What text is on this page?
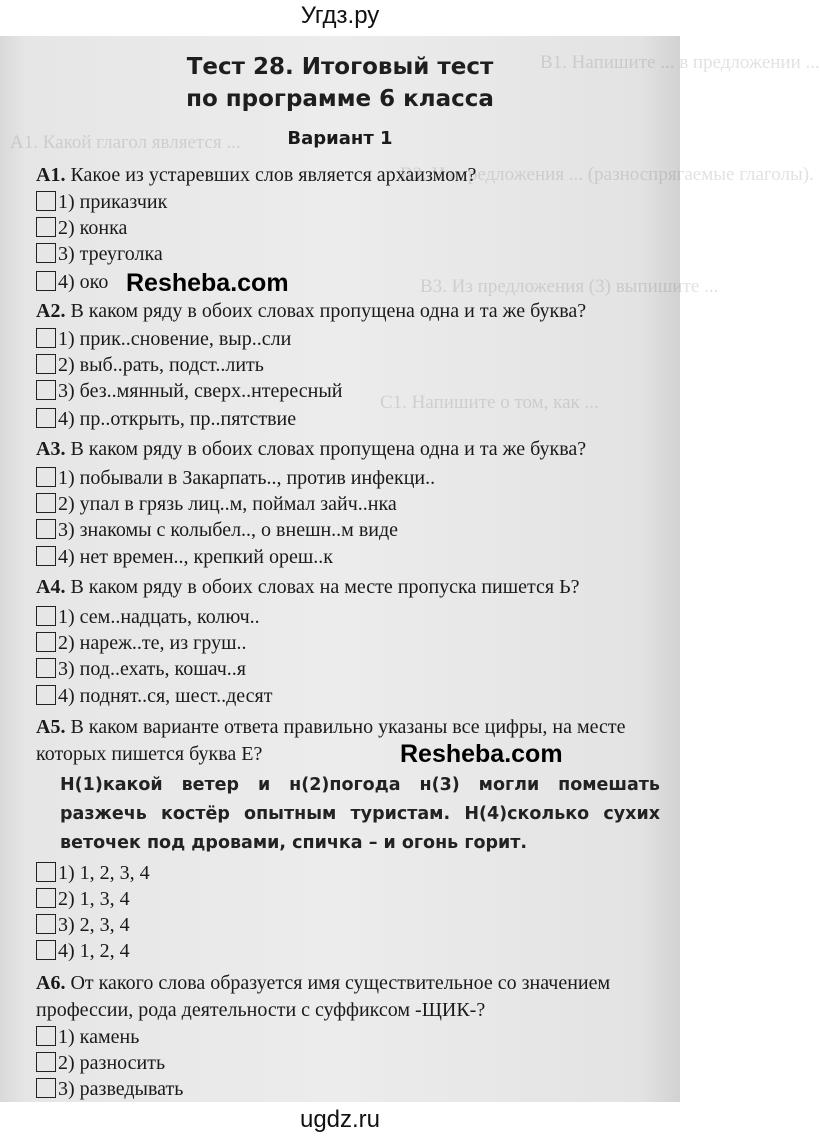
Угдз.ру
В1. Напишите ... в предложении ...
А1. Какой глагол является ...
В2. Из предложения ... (разноспрягаемые глаголы).
В3. Из предложения (3) выпишите ...
С1. Напишите о том, как ...
Тест 28. Итоговый тест
по программе 6 класса
Вариант 1
А1. Какое из устаревших слов является архаизмом?
1) приказчик
2) конка
3) треуголка
4) око Resheba.com
А2. В каком ряду в обоих словах пропущена одна и та же буква?
1) прик..сновение, выр..сли
2) выб..рать, подст..лить
3) без..мянный, сверх..нтересный
4) пр..открыть, пр..пятствие
А3. В каком ряду в обоих словах пропущена одна и та же буква?
1) побывали в Закарпать.., против инфекци..
2) упал в грязь лиц..м, поймал зайч..нка
3) знакомы с колыбел.., о внешн..м виде
4) нет времен.., крепкий ореш..к
А4. В каком ряду в обоих словах на месте пропуска пишется Ь?
1) сем..надцать, колюч..
2) нареж..те, из груш..
3) под..ехать, кошач..я
4) поднят..ся, шест..десят
А5. В каком варианте ответа правильно указаны все цифры, на месте которых пишется буква Е?	Resheba.com
Н(1)какой ветер и н(2)погода н(3) могли помешать разжечь костёр опытным туристам. Н(4)сколько сухих веточек под дровами, спичка – и огонь горит.
1) 1, 2, 3, 4
2) 1, 3, 4
3) 2, 3, 4
4) 1, 2, 4
А6. От какого слова образуется имя существительное со значением профессии, рода деятельности с суффиксом -ЩИК-?
1) камень
2) разносить
3) разведывать
ugdz.ru
